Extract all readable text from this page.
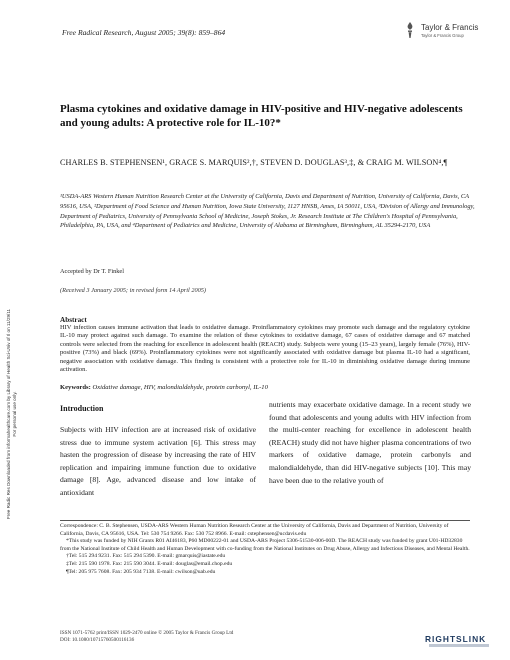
Free Radical Research, August 2005; 39(8): 859–864
Taylor & Francis
Taylor & Francis Group
Free Radic Res Downloaded from informahealthcare.com by Library of Health Sci-Univ of Il on 11/29/11 For personal use only.
Plasma cytokines and oxidative damage in HIV-positive and HIV-negative adolescents and young adults: A protective role for IL-10?*
CHARLES B. STEPHENSEN¹, GRACE S. MARQUIS²,†, STEVEN D. DOUGLAS³,‡, & CRAIG M. WILSON⁴,¶
¹USDA-ARS Western Human Nutrition Research Center at the University of California, Davis and Department of Nutrition, University of California, Davis, CA 95616, USA, ²Department of Food Science and Human Nutrition, Iowa State University, 1127 HNSB, Ames, IA 50011, USA, ³Division of Allergy and Immunology, Department of Pediatrics, University of Pennsylvania School of Medicine, Joseph Stokes, Jr. Research Institute at The Children's Hospital of Pennsylvania, Philadelphia, PA, USA, and ⁴Department of Pediatrics and Medicine, University of Alabama at Birmingham, Birmingham, AL 35294-2170, USA
Accepted by Dr T. Finkel
(Received 3 January 2005; in revised form 14 April 2005)
Abstract
HIV infection causes immune activation that leads to oxidative damage. Proinflammatory cytokines may promote such damage and the regulatory cytokine IL-10 may protect against such damage. To examine the relation of these cytokines to oxidative damage, 67 cases of oxidative damage and 67 matched controls were selected from the reaching for excellence in adolescent health (REACH) study. Subjects were young (15–23 years), largely female (76%), HIV-positive (73%) and black (69%). Proinflammatory cytokines were not significantly associated with oxidative damage but plasma IL-10 had a significant, negative association with oxidative damage. This finding is consistent with a protective role for IL-10 in diminishing oxidative damage during immune activation.
Keywords: Oxidative damage, HIV, malondialdehyde, protein carbonyl, IL-10
Introduction
Subjects with HIV infection are at increased risk of oxidative stress due to immune system activation [6]. This stress may hasten the progression of disease by increasing the rate of HIV replication and impairing immune function due to oxidative damage [8]. Age, advanced disease and low intake of antioxidant
nutrients may exacerbate oxidative damage. In a recent study we found that adolescents and young adults with HIV infection from the multi-center reaching for excellence in adolescent health (REACH) study did not have higher plasma concentrations of two markers of oxidative damage, protein carbonyls and malondialdehyde, than did HIV-negative subjects [10]. This may have been due to the relative youth of

Correspondence: C. B. Stephensen, USDA-ARS Western Human Nutrition Research Center at the University of California, Davis and Department of Nutrition, University of California, Davis, CA 95616, USA. Tel: 530 754 9266. Fax: 530 752 8966. E-mail: cstephensen@ucdavis.edu

*This study was funded by NIH Grants R01 AI46183, P60 MD00222-01 and USDA-ARS Project 5306-51530-006-00D. The REACH study was funded by grant U01-HD32830 from the National Institute of Child Health and Human Development with co-funding from the National Institutes on Drug Abuse, Allergy and Infectious Diseases, and Mental Health.

†Tel: 515 294 9231. Fax: 515 294 5390. E-mail: gmarquis@iastate.edu

‡Tel: 215 590 1978. Fax: 215 590 3044. E-mail: douglas@email.chop.edu

¶Tel: 205 975 7608. Fax: 205 934 7138. E-mail: cwilson@uab.edu

ISSN 1071-5762 print/ISSN 1029-2470 online © 2005 Taylor & Francis Group Ltd
DOI: 10.1080/10715760500116136	RIGHTSLINK
